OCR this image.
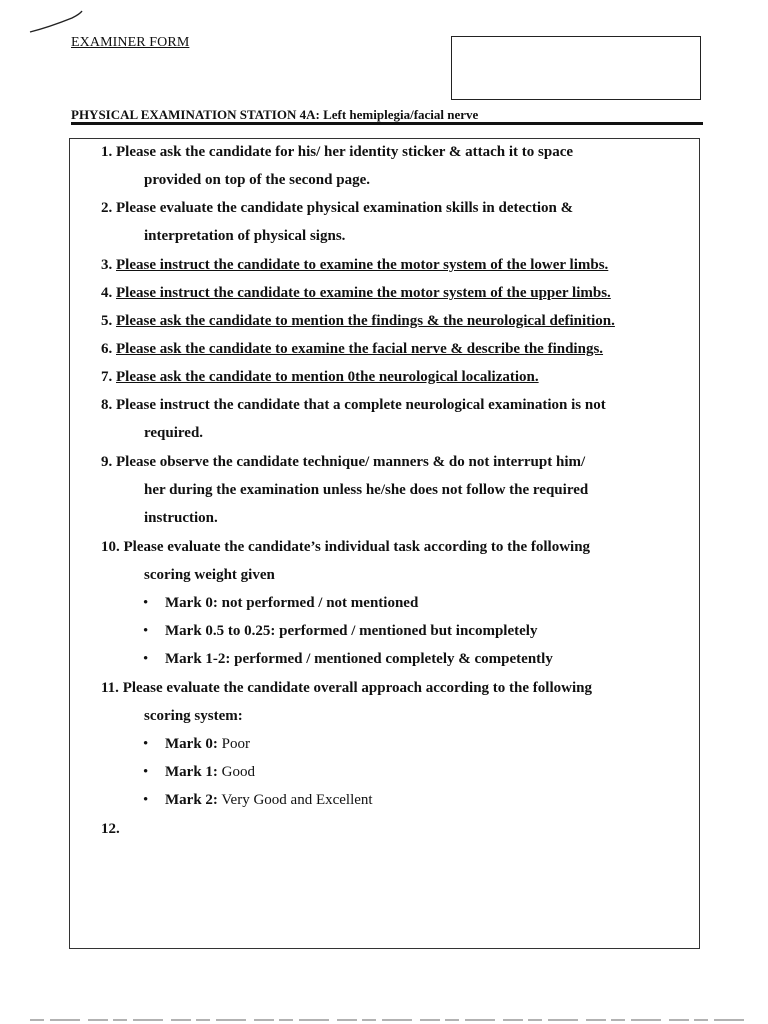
EXAMINER FORM
PHYSICAL EXAMINATION STATION 4A: Left hemiplegia/facial nerve
1. Please ask the candidate for his/ her identity sticker & attach it to space
provided on top of the second page.
2. Please evaluate the candidate physical examination skills in detection &
interpretation of physical signs.
3. Please instruct the candidate to examine the motor system of the lower limbs.
4. Please instruct the candidate to examine the motor system of the upper limbs.
5. Please ask the candidate to mention the findings & the neurological definition.
6. Please ask the candidate to examine the facial nerve & describe the findings.
7. Please ask the candidate to mention 0the neurological localization.
8. Please instruct the candidate that a complete neurological examination is not
required.
9. Please observe the candidate technique/ manners & do not interrupt him/
her during the examination unless he/she does not follow the required
instruction.
10. Please evaluate the candidate’s individual task according to the following
scoring weight given
• Mark 0: not performed / not mentioned
• Mark 0.5 to 0.25: performed / mentioned but incompletely
• Mark 1-2: performed / mentioned completely & competently
11. Please evaluate the candidate overall approach according to the following
scoring system:
• Mark 0: Poor
• Mark 1: Good
• Mark 2: Very Good and Excellent
12.
